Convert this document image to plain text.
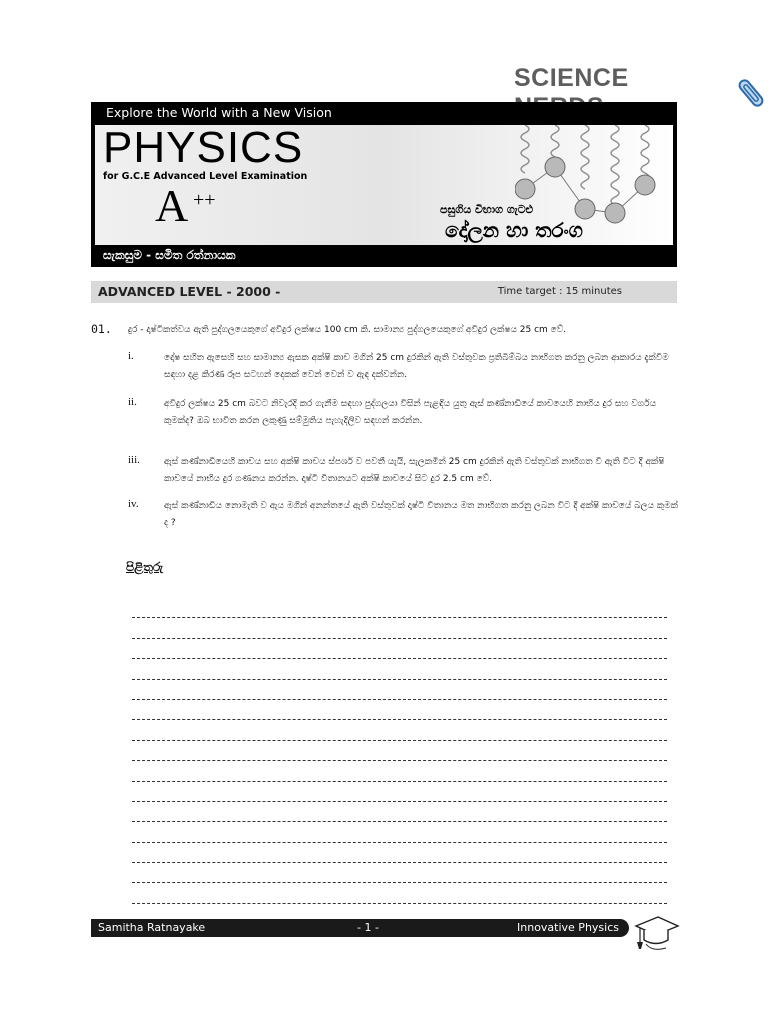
SCIENCE
Explore the World with a New Vision
PHYSICS
for G.C.E Advanced Level Examination
A ++	පසුගිය විභාග ගැටළු
දෝලන හා තරංග
සැකසුම - සමිත රත්නායක
ADVANCED LEVEL - 2000 -	Time target : 15 minutes
01. දුර - දෘෂ්ටිකත්වය ඇති පුද්ගලයෙකුගේ අවිදුර ලක්ෂය 100 cm කි. සාමාන්‍ය පුද්ගලයෙකුගේ අවිදුර ලක්ෂය 25 cm වේ.
i.	දෝෂ සහිත ඇසෙහි සහ සාමාන්‍ය ඇසක අක්ෂි කාච මගින් 25 cm දුරකින් ඇති වස්තුවක ප්‍රතිබිම්බය නාභිගත කරනු ලබන ආකාරය දැක්වීම සඳහා දළ කිරණ රූප සටහන් දෙකක් වෙන් වෙන් ව ඇඳ දක්වන්න.
ii.	අවිදුර ලක්ෂය 25 cm බවට නිවැරදි කර ගැනීම සඳහා පුද්ගලයා විසින් පැළඳිය යුතු ඇස් කණ්නාඩියේ කාචයෙහි නාභිය දුර සහ වර්ගය කුමක්ද? ඔබ භාවිත කරන ලකුණු සම්මුතිය පැහැදිලිව සඳහන් කරන්න.
iii.	ඇස් කණ්නාඩියෙහි කාචය සහ අක්ෂි කාචය ස්පර්ශ ව පවතී යැයි, සැලකමින් 25 cm දුරකින් ඇති වස්තුවක් නාභිගත වී ඇති විට දී අක්ෂි කාචයේ නාභිය දුර ගණනය කරන්න. දෘෂ්ටි විතානයට අක්ෂි කාචයේ සිට දුර 2.5 cm වේ.
iv.	ඇස් කණ්නාඩිය නොමැති ව ඇය මගින් අනන්තයේ ඇති වස්තුවක් දෘෂ්ටි විතානය මත නාභිගත කරනු ලබන විට දී අක්ෂි කාචයේ බලය කුමක් ද ?
පිළිතුරු
Samitha Ratnayake	- 1 -	Innovative Physics
